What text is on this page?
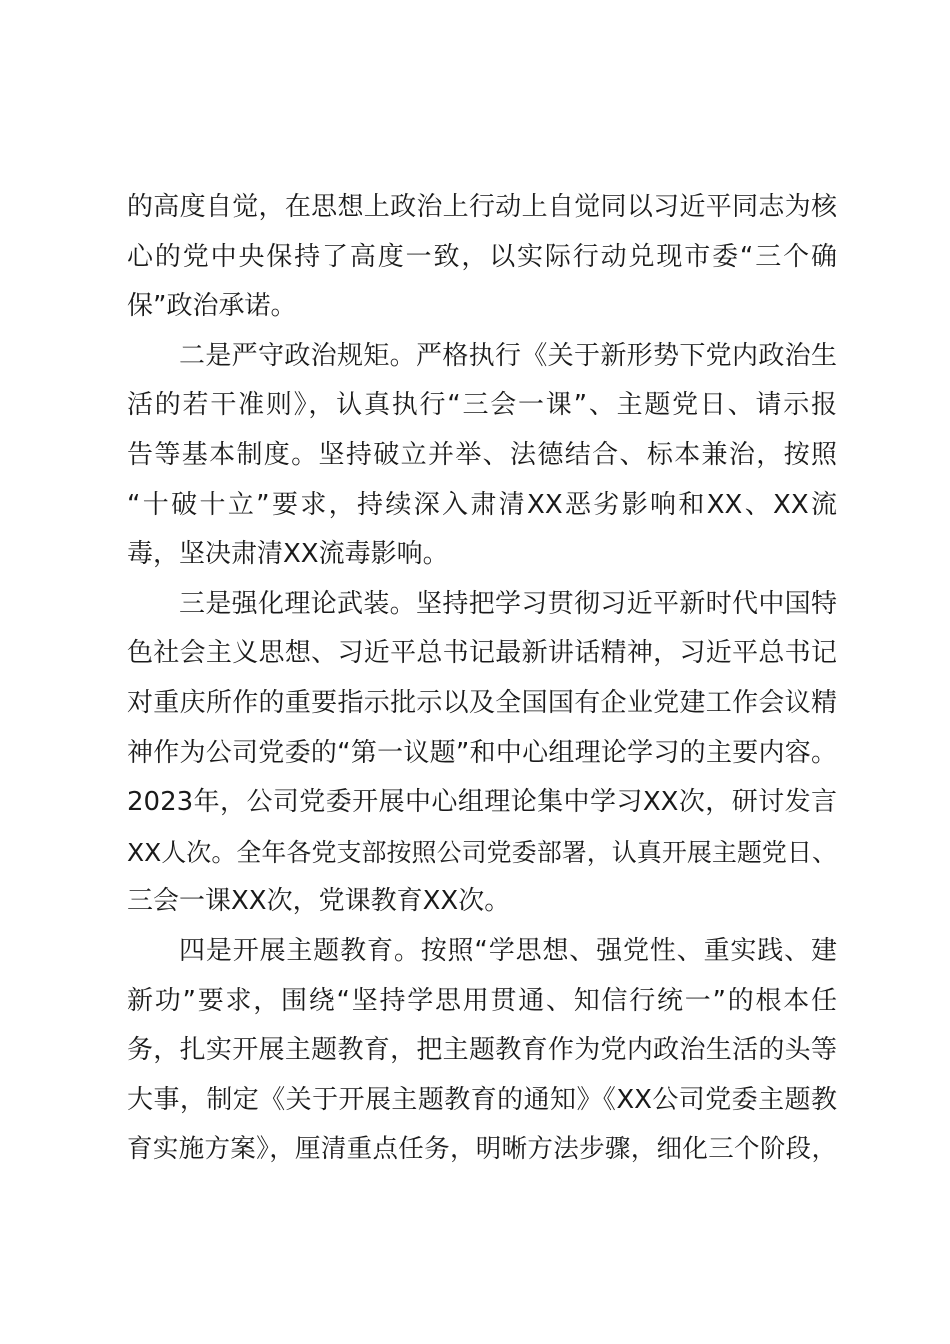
的高度自觉，在思想上政治上行动上自觉同以习近平同志为核
心的党中央保持了高度一致，以实际行动兑现市委“三个确
保”政治承诺。
二是严守政治规矩。严格执行《关于新形势下党内政治生
活的若干准则》，认真执行“三会一课”、主题党日、请示报
告等基本制度。坚持破立并举、法德结合、标本兼治，按照
“十破十立”要求，持续深入肃清XX恶劣影响和XX、XX流
毒，坚决肃清XX流毒影响。
三是强化理论武装。坚持把学习贯彻习近平新时代中国特
色社会主义思想、习近平总书记最新讲话精神，习近平总书记
对重庆所作的重要指示批示以及全国国有企业党建工作会议精
神作为公司党委的“第一议题”和中心组理论学习的主要内容。
2023年，公司党委开展中心组理论集中学习XX次，研讨发言
XX人次。全年各党支部按照公司党委部署，认真开展主题党日、
三会一课XX次，党课教育XX次。
四是开展主题教育。按照“学思想、强党性、重实践、建
新功”要求，围绕“坚持学思用贯通、知信行统一”的根本任
务，扎实开展主题教育，把主题教育作为党内政治生活的头等
大事，制定《关于开展主题教育的通知》《XX公司党委主题教
育实施方案》，厘清重点任务，明晰方法步骤，细化三个阶段，
